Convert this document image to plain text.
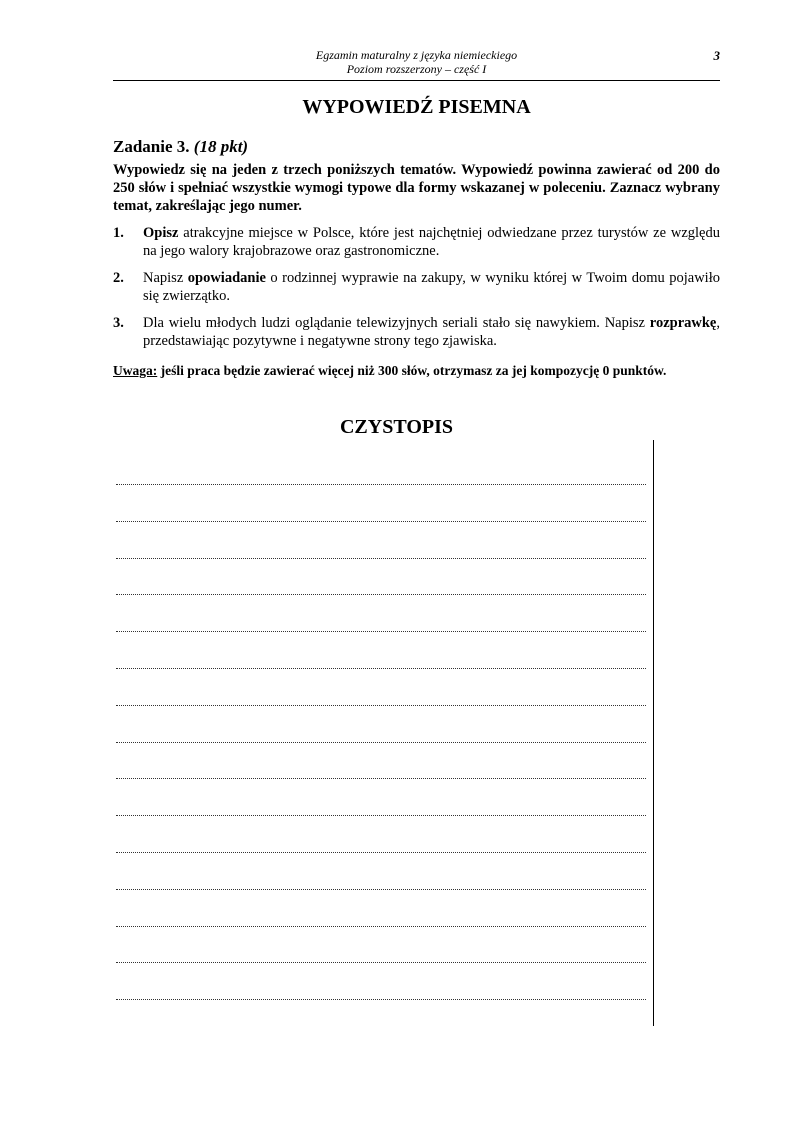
Egzamin maturalny z języka niemieckiego
Poziom rozszerzony – część I
3
WYPOWIEDŹ PISEMNA
Zadanie 3. (18 pkt)
Wypowiedz się na jeden z trzech poniższych tematów. Wypowiedź powinna zawierać od 200 do 250 słów i spełniać wszystkie wymogi typowe dla formy wskazanej w poleceniu. Zaznacz wybrany temat, zakreślając jego numer.
1. Opisz atrakcyjne miejsce w Polsce, które jest najchętniej odwiedzane przez turystów ze względu na jego walory krajobrazowe oraz gastronomiczne.
2. Napisz opowiadanie o rodzinnej wyprawie na zakupy, w wyniku której w Twoim domu pojawiło się zwierzątko.
3. Dla wielu młodych ludzi oglądanie telewizyjnych seriali stało się nawykiem. Napisz rozprawkę, przedstawiając pozytywne i negatywne strony tego zjawiska.
Uwaga: jeśli praca będzie zawierać więcej niż 300 słów, otrzymasz za jej kompozycję 0 punktów.
CZYSTOPIS
